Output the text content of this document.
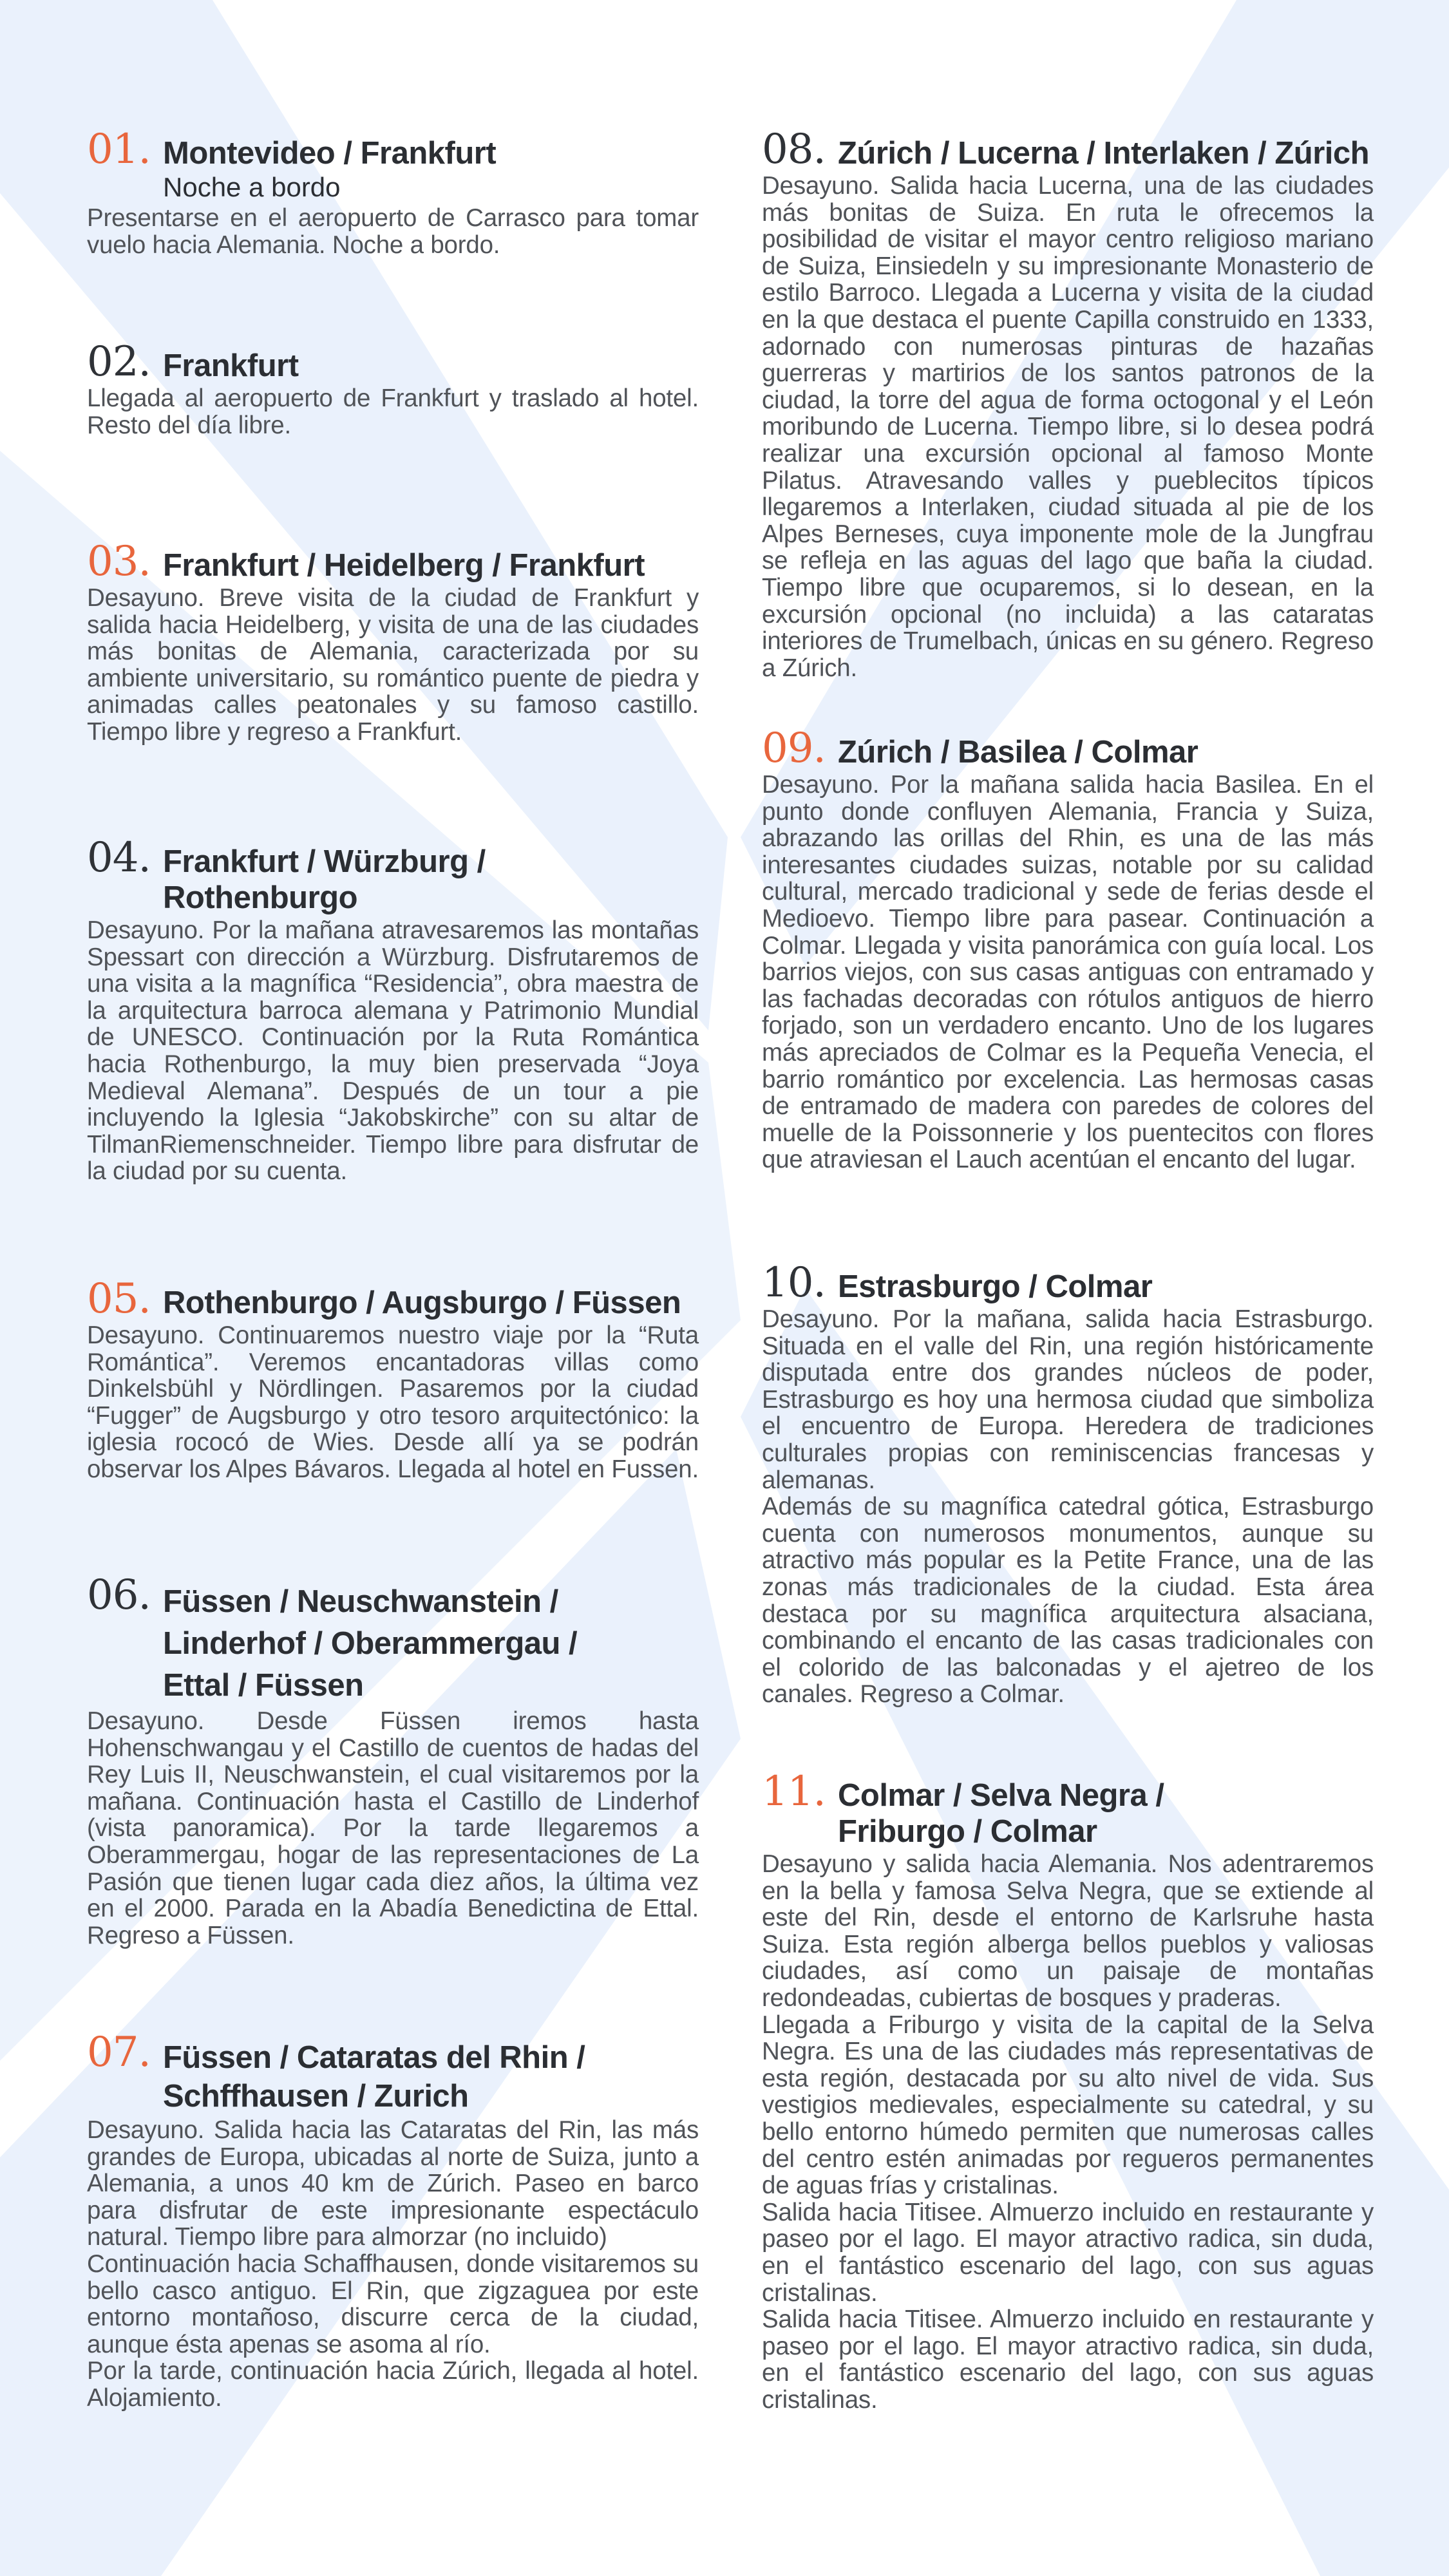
01. Montevideo / Frankfurt
Noche a bordo

Presentarse en el aeropuerto de Carrasco para tomar vuelo hacia Alemania. Noche a bordo.

02. Frankfurt

Llegada al aeropuerto de Frankfurt y traslado al hotel. Resto del día libre.

03. Frankfurt / Heidelberg / Frankfurt

Desayuno. Breve visita de la ciudad de Frankfurt y salida hacia Heidelberg, y visita de una de las ciudades más bonitas de Alemania, caracterizada por su ambiente universitario, su romántico puente de piedra y animadas calles peatonales y su famoso castillo. Tiempo libre y regreso a Frankfurt.

04. Frankfurt / Würzburg / Rothenburgo

Desayuno. Por la mañana atravesaremos las montañas Spessart con dirección a Würzburg. Disfrutaremos de una visita a la magnífica “Residencia”, obra maestra de la arquitectura barroca alemana y Patrimonio Mundial de UNESCO. Continuación por la Ruta Romántica hacia Rothenburgo, la muy bien preservada “Joya Medieval Alemana”. Después de un tour a pie incluyendo la Iglesia “Jakobskirche” con su altar de TilmanRiemenschneider. Tiempo libre para disfrutar de la ciudad por su cuenta.

05. Rothenburgo / Augsburgo / Füssen

Desayuno. Continuaremos nuestro viaje por la “Ruta Romántica”. Veremos encantadoras villas como Dinkelsbühl y Nördlingen. Pasaremos por la ciudad “Fugger” de Augsburgo y otro tesoro arquitectónico: la iglesia rococó de Wies. Desde allí ya se podrán observar los Alpes Bávaros. Llegada al hotel en Fussen.

06. Füssen / Neuschwanstein / Linderhof / Oberammergau / Ettal / Füssen

Desayuno. Desde Füssen iremos hasta Hohenschwangau y el Castillo de cuentos de hadas del Rey Luis II, Neuschwanstein, el cual visitaremos por la mañana. Continuación hasta el Castillo de Linderhof (vista panoramica). Por la tarde llegaremos a Oberammergau, hogar de las representaciones de La Pasión que tienen lugar cada diez años, la última vez en el 2000. Parada en la Abadía Benedictina de Ettal. Regreso a Füssen.

07. Füssen / Cataratas del Rhin / Schffhausen / Zurich

Desayuno. Salida hacia las Cataratas del Rin, las más grandes de Europa, ubicadas al norte de Suiza, junto a Alemania, a unos 40 km de Zúrich. Paseo en barco para disfrutar de este impresionante espectáculo natural. Tiempo libre para almorzar (no incluido)

Continuación hacia Schaffhausen, donde visitaremos su bello casco antiguo. El Rin, que zigzaguea por este entorno montañoso, discurre cerca de la ciudad, aunque ésta apenas se asoma al río.

Por la tarde, continuación hacia Zúrich, llegada al hotel. Alojamiento.

08. Zúrich / Lucerna / Interlaken / Zúrich

Desayuno. Salida hacia Lucerna, una de las ciudades más bonitas de Suiza. En ruta le ofrecemos la posibilidad de visitar el mayor centro religioso mariano de Suiza, Einsiedeln y su impresionante Monasterio de estilo Barroco. Llegada a Lucerna y visita de la ciudad en la que destaca el puente Capilla construido en 1333, adornado con numerosas pinturas de hazañas guerreras y martirios de los santos patronos de la ciudad, la torre del agua de forma octogonal y el León moribundo de Lucerna. Tiempo libre, si lo desea podrá realizar una excursión opcional al famoso Monte Pilatus. Atravesando valles y pueblecitos típicos llegaremos a Interlaken, ciudad situada al pie de los Alpes Berneses, cuya imponente mole de la Jungfrau se refleja en las aguas del lago que baña la ciudad. Tiempo libre que ocuparemos, si lo desean, en la excursión opcional (no incluida) a las cataratas interiores de Trumelbach, únicas en su género. Regreso a Zúrich.

09. Zúrich / Basilea / Colmar

Desayuno. Por la mañana salida hacia Basilea. En el punto donde confluyen Alemania, Francia y Suiza, abrazando las orillas del Rhin, es una de las más interesantes ciudades suizas, notable por su calidad cultural, mercado tradicional y sede de ferias desde el Medioevo. Tiempo libre para pasear. Continuación a Colmar. Llegada y visita panorámica con guía local. Los barrios viejos, con sus casas antiguas con entramado y las fachadas decoradas con rótulos antiguos de hierro forjado, son un verdadero encanto. Uno de los lugares más apreciados de Colmar es la Pequeña Venecia, el barrio romántico por excelencia. Las hermosas casas de entramado de madera con paredes de colores del muelle de la Poissonnerie y los puentecitos con flores que atraviesan el Lauch acentúan el encanto del lugar.

10. Estrasburgo / Colmar

Desayuno. Por la mañana, salida hacia Estrasburgo. Situada en el valle del Rin, una región históricamente disputada entre dos grandes núcleos de poder, Estrasburgo es hoy una hermosa ciudad que simboliza el encuentro de Europa. Heredera de tradiciones culturales propias con reminiscencias francesas y alemanas.

Además de su magnífica catedral gótica, Estrasburgo cuenta con numerosos monumentos, aunque su atractivo más popular es la Petite France, una de las zonas más tradicionales de la ciudad. Esta área destaca por su magnífica arquitectura alsaciana, combinando el encanto de las casas tradicionales con el colorido de las balconadas y el ajetreo de los canales. Regreso a Colmar.

11. Colmar / Selva Negra / Friburgo / Colmar

Desayuno y salida hacia Alemania. Nos adentraremos en la bella y famosa Selva Negra, que se extiende al este del Rin, desde el entorno de Karlsruhe hasta Suiza. Esta región alberga bellos pueblos y valiosas ciudades, así como un paisaje de montañas redondeadas, cubiertas de bosques y praderas.

Llegada a Friburgo y visita de la capital de la Selva Negra. Es una de las ciudades más representativas de esta región, destacada por su alto nivel de vida. Sus vestigios medievales, especialmente su catedral, y su bello entorno húmedo permiten que numerosas calles del centro estén animadas por regueros permanentes de aguas frías y cristalinas.

Salida hacia Titisee. Almuerzo incluido en restaurante y paseo por el lago. El mayor atractivo radica, sin duda, en el fantástico escenario del lago, con sus aguas cristalinas.

Salida hacia Titisee. Almuerzo incluido en restaurante y paseo por el lago. El mayor atractivo radica, sin duda, en el fantástico escenario del lago, con sus aguas cristalinas.
